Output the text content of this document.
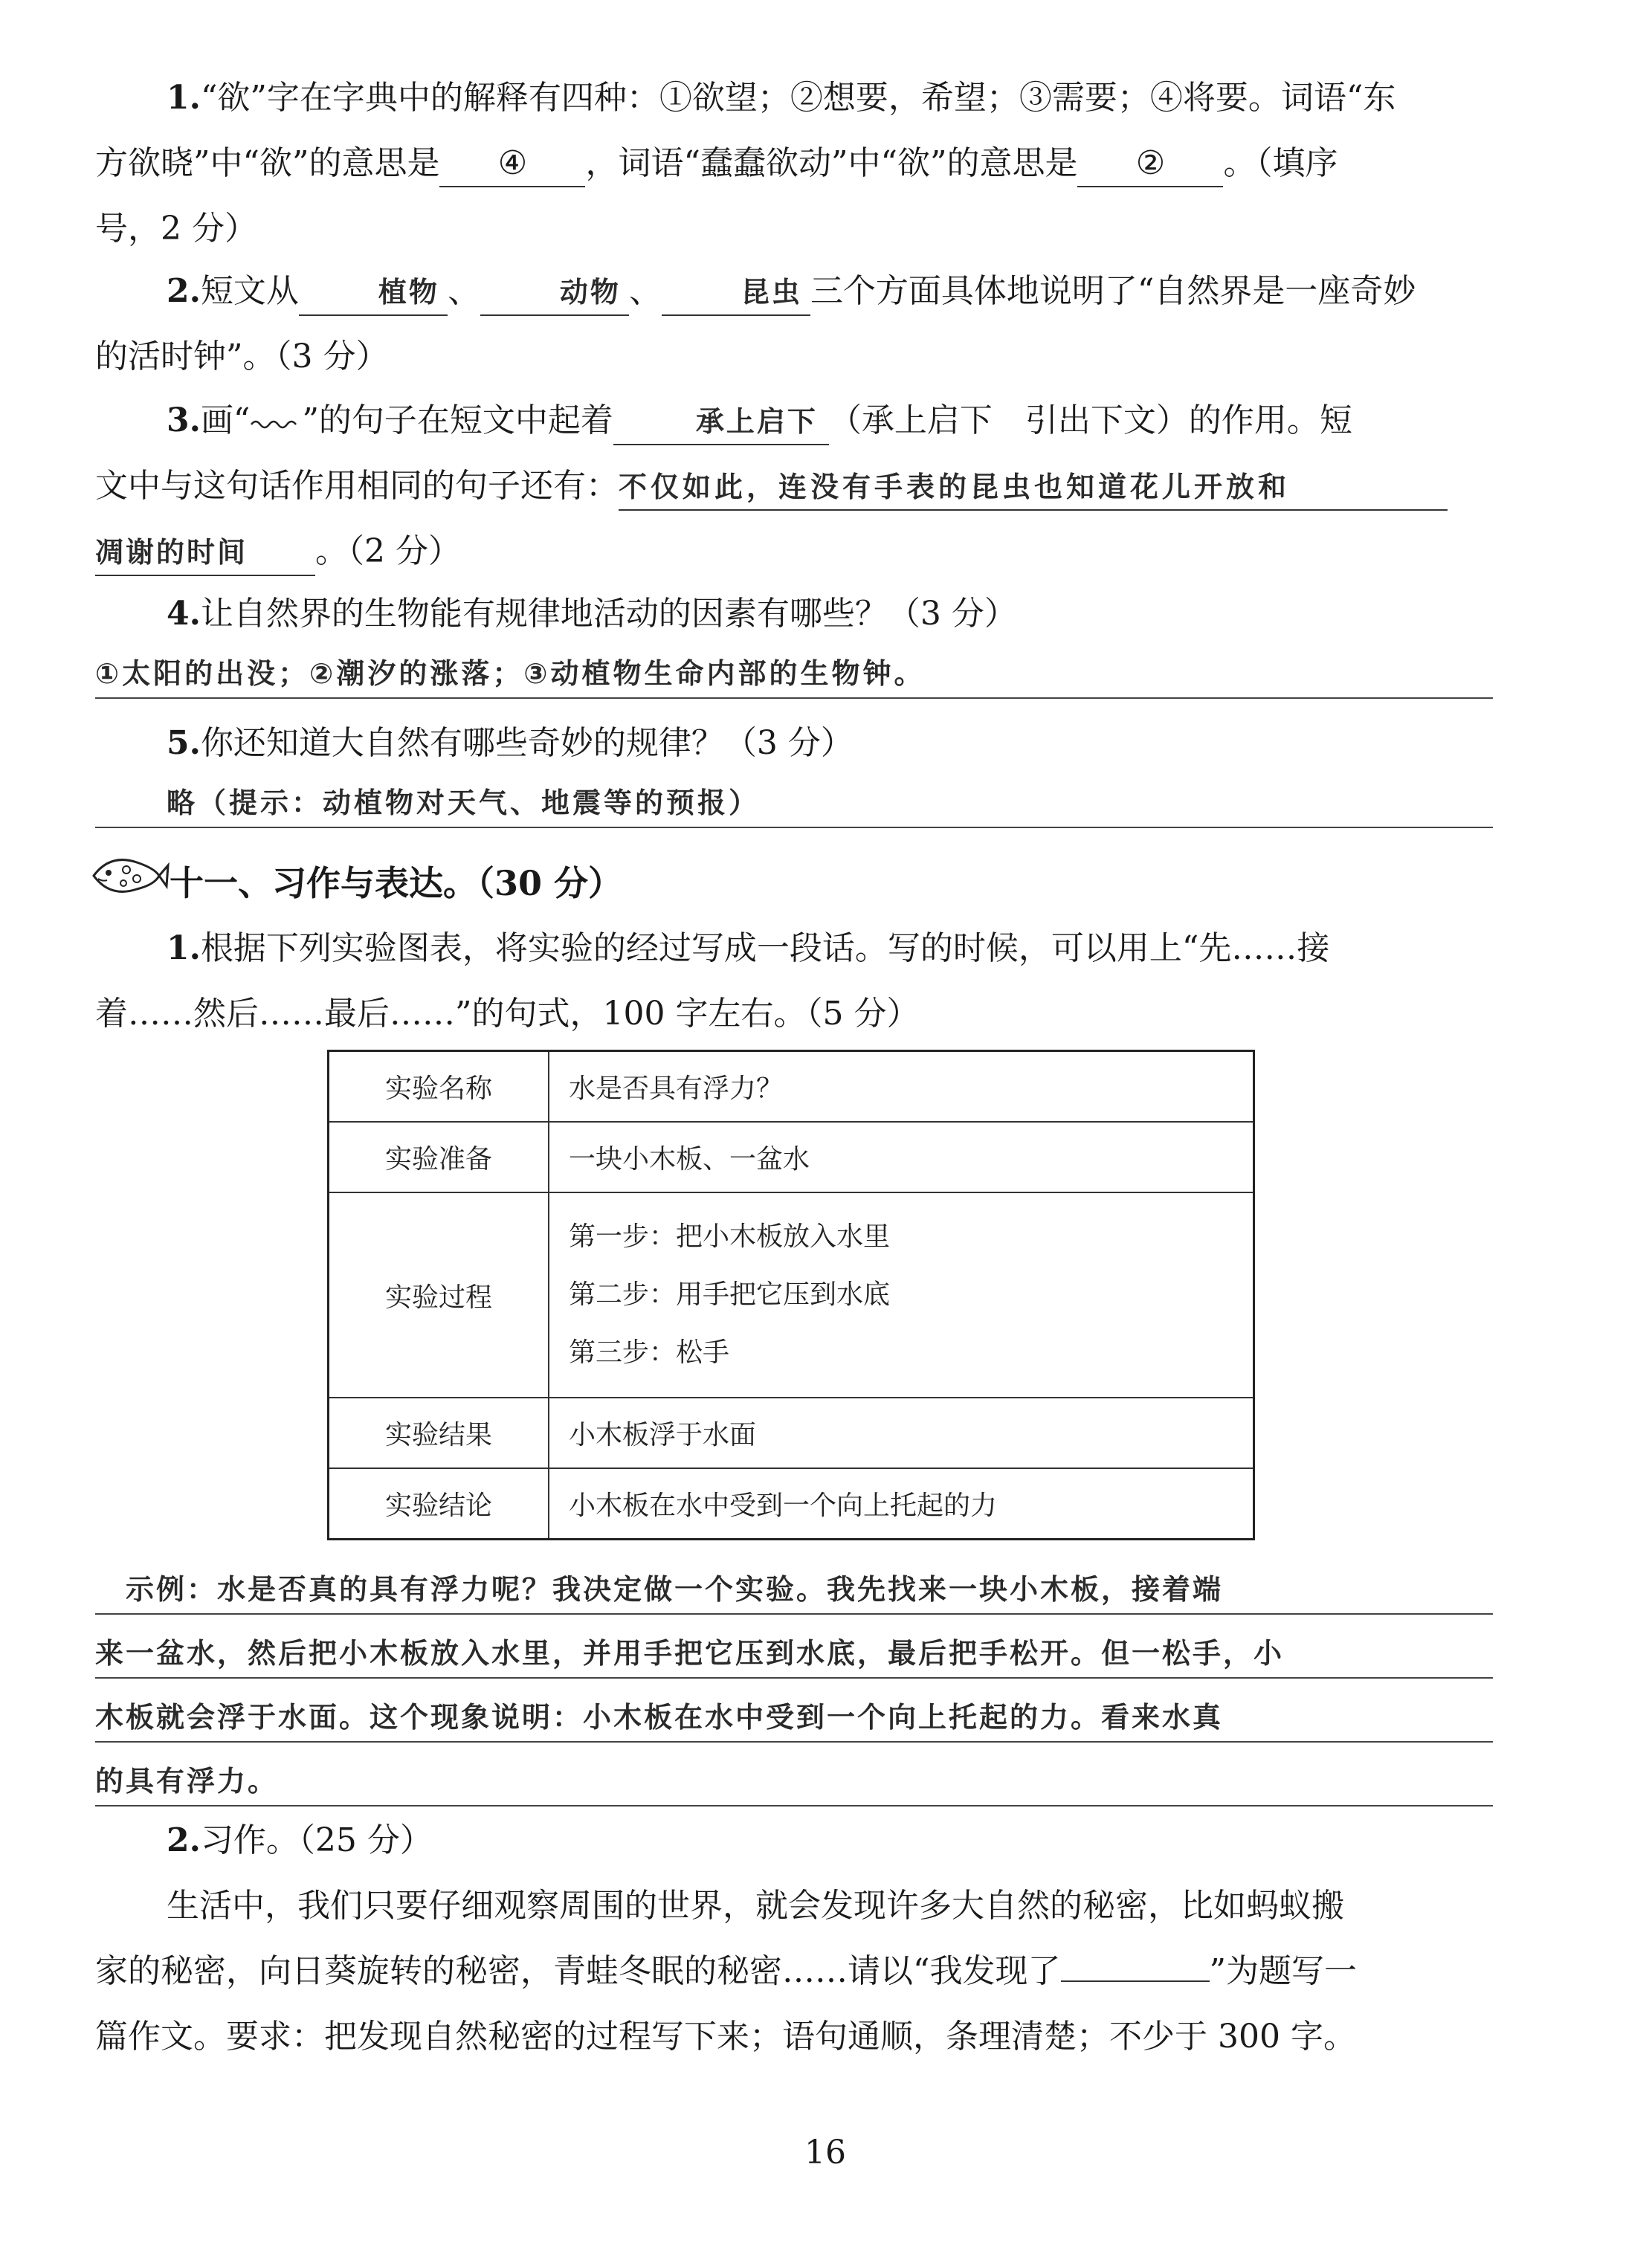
1.“欲”字在字典中的解释有四种：①欲望；②想要，希望；③需要；④将要。词语“东
方欲晓”中“欲”的意思是 ④ ，词语“蠢蠢欲动”中“欲”的意思是 ② 。（填序
号，2 分）
2.短文从	植物 、	动物 、	昆虫 三个方面具体地说明了“自然界是一座奇妙
的活时钟”。（3 分）
3.画“ ”的句子在短文中起着	承上启下 （承上启下　引出下文）的作用。短
文中与这句话作用相同的句子还有：不仅如此，连没有手表的昆虫也知道花儿开放和
凋谢的时间 。（2 分）
4.让自然界的生物能有规律地活动的因素有哪些？（3 分）
①太阳的出没；②潮汐的涨落；③动植物生命内部的生物钟。
5.你还知道大自然有哪些奇妙的规律？（3 分）
略（提示：动植物对天气、地震等的预报）
十一、习作与表达。（30 分）
1.根据下列实验图表，将实验的经过写成一段话。写的时候，可以用上“先……接
着……然后……最后……”的句式，100 字左右。（5 分）
实验名称	水是否具有浮力？
实验准备	一块小木板、一盆水
实验过程	第一步：把小木板放入水里
第二步：用手把它压到水底
第三步：松手

实验结果	小木板浮于水面
实验结论	小木板在水中受到一个向上托起的力
　示例：水是否真的具有浮力呢？我决定做一个实验。我先找来一块小木板，接着端
来一盆水，然后把小木板放入水里，并用手把它压到水底，最后把手松开。但一松手，小
木板就会浮于水面。这个现象说明：小木板在水中受到一个向上托起的力。看来水真
的具有浮力。
2.习作。（25 分）
生活中，我们只要仔细观察周围的世界，就会发现许多大自然的秘密，比如蚂蚁搬
家的秘密，向日葵旋转的秘密，青蛙冬眠的秘密……请以“我发现了	”为题写一
篇作文。要求：把发现自然秘密的过程写下来；语句通顺，条理清楚；不少于 300 字。
16
